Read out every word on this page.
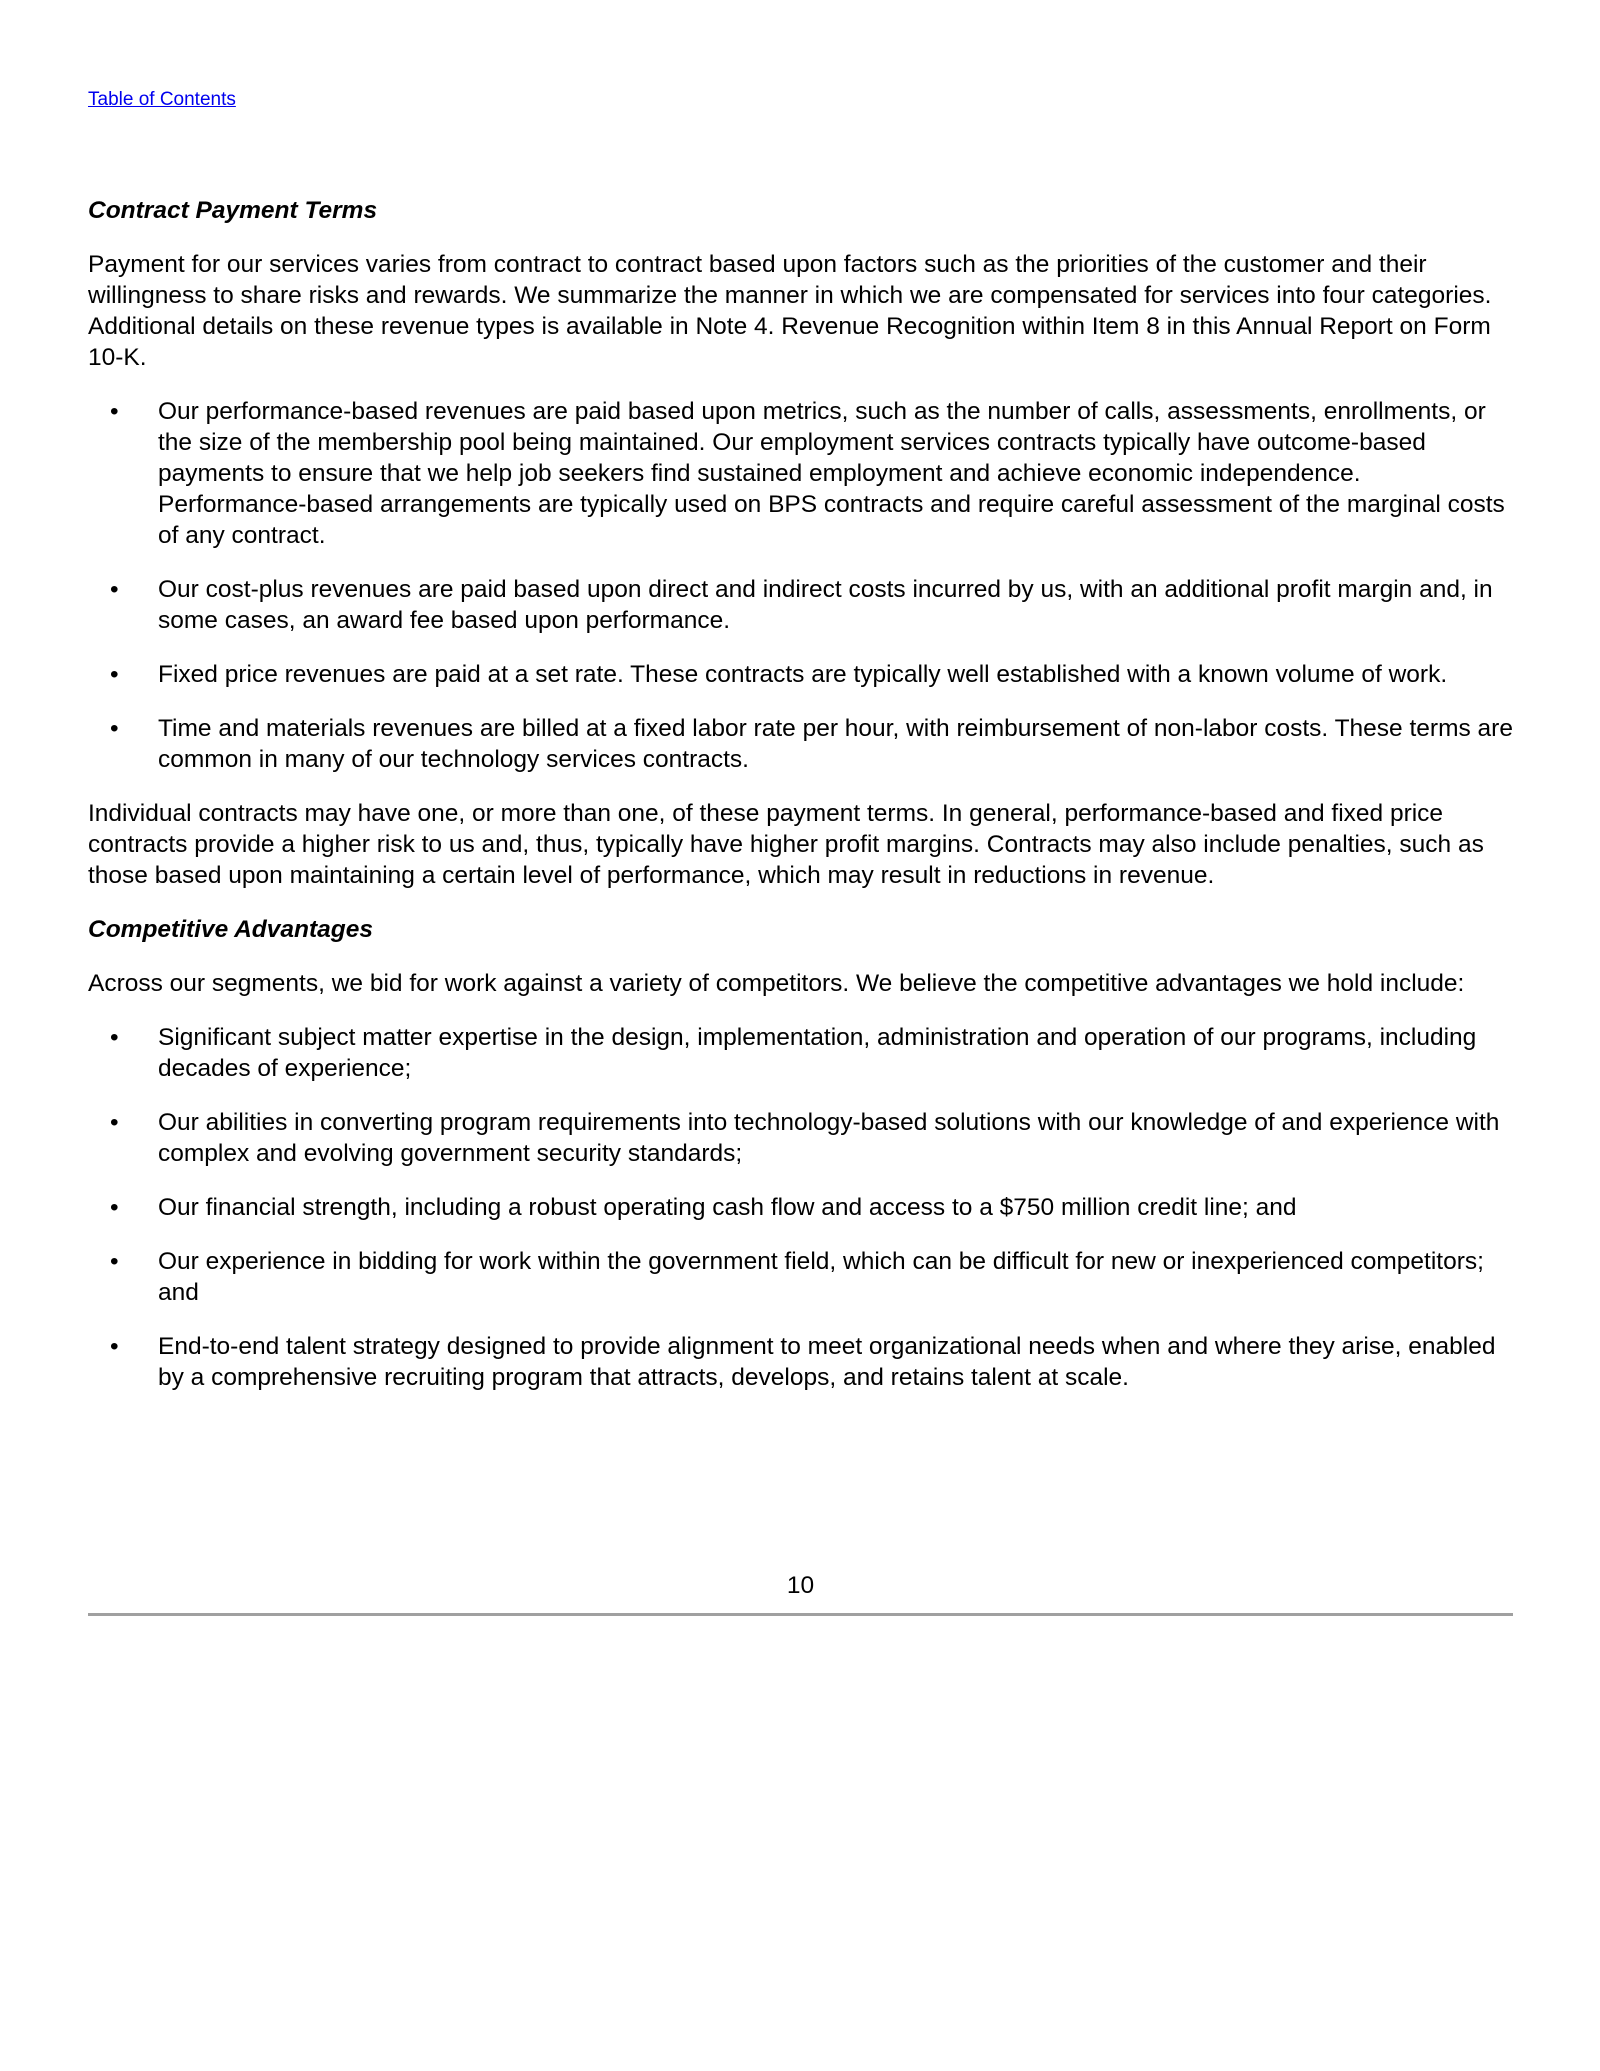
Table of Contents
Contract Payment Terms

Payment for our services varies from contract to contract based upon factors such as the priorities of the customer and their willingness to share risks and rewards. We summarize the manner in which we are compensated for services into four categories. Additional details on these revenue types is available in Note 4. Revenue Recognition within Item 8 in this Annual Report on Form 10-K.

• Our performance-based revenues are paid based upon metrics, such as the number of calls, assessments, enrollments, or the size of the membership pool being maintained. Our employment services contracts typically have outcome-based payments to ensure that we help job seekers find sustained employment and achieve economic independence. Performance-based arrangements are typically used on BPS contracts and require careful assessment of the marginal costs of any contract.
• Our cost-plus revenues are paid based upon direct and indirect costs incurred by us, with an additional profit margin and, in some cases, an award fee based upon performance.
• Fixed price revenues are paid at a set rate. These contracts are typically well established with a known volume of work.
• Time and materials revenues are billed at a fixed labor rate per hour, with reimbursement of non-labor costs. These terms are common in many of our technology services contracts.

Individual contracts may have one, or more than one, of these payment terms. In general, performance-based and fixed price contracts provide a higher risk to us and, thus, typically have higher profit margins. Contracts may also include penalties, such as those based upon maintaining a certain level of performance, which may result in reductions in revenue.

Competitive Advantages

Across our segments, we bid for work against a variety of competitors. We believe the competitive advantages we hold include:

• Significant subject matter expertise in the design, implementation, administration and operation of our programs, including decades of experience;
• Our abilities in converting program requirements into technology-based solutions with our knowledge of and experience with complex and evolving government security standards;
• Our financial strength, including a robust operating cash flow and access to a $750 million credit line; and
• Our experience in bidding for work within the government field, which can be difficult for new or inexperienced competitors; and
• End-to-end talent strategy designed to provide alignment to meet organizational needs when and where they arise, enabled by a comprehensive recruiting program that attracts, develops, and retains talent at scale.
10
